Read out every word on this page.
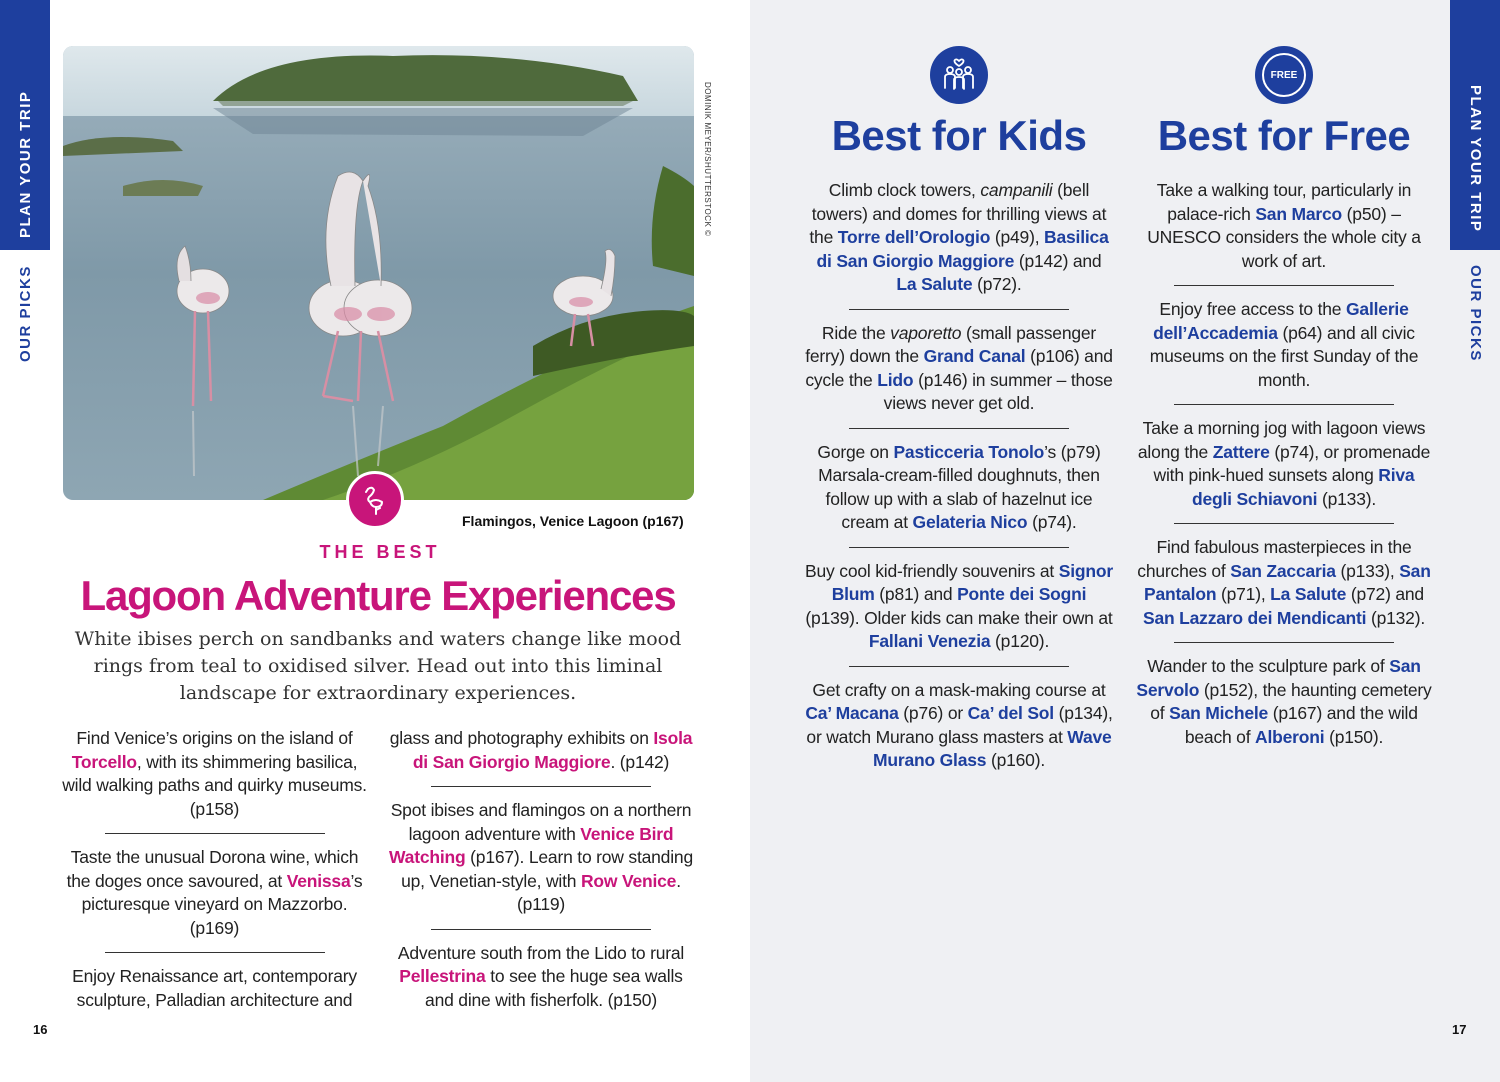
PLAN YOUR TRIP
OUR PICKS
DOMINIK MEYER/SHUTTERSTOCK ©
Flamingos, Venice Lagoon (p167)
THE BEST
Lagoon Adventure Experiences
White ibises perch on sandbanks and waters change like mood rings from teal to oxidised silver. Head out into this liminal landscape for extraordinary experiences.

Find Venice’s origins on the island of Torcello, with its shimmering basilica, wild walking paths and quirky museums. (p158)

Taste the unusual Dorona wine, which the doges once savoured, at Venissa’s picturesque vineyard on Mazzorbo. (p169)

Enjoy Renaissance art, contemporary sculpture, Palladian architecture and

glass and photography exhibits on Isola di San Giorgio Maggiore. (p142)

Spot ibises and flamingos on a northern lagoon adventure with Venice Bird Watching (p167). Learn to row standing up, Venetian-style, with Row Venice. (p119)

Adventure south from the Lido to rural Pellestrina to see the huge sea walls and dine with fisherfolk. (p150)

16
FREE
Best for Kids	Best for Free

Climb clock towers, campanili (bell towers) and domes for thrilling views at the Torre dell’Orologio (p49), Basilica di San Giorgio Maggiore (p142) and La Salute (p72).

Ride the vaporetto (small passenger ferry) down the Grand Canal (p106) and cycle the Lido (p146) in summer – those views never get old.

Gorge on Pasticceria Tonolo’s (p79) Marsala-cream-filled doughnuts, then follow up with a slab of hazelnut ice cream at Gelateria Nico (p74).

Buy cool kid-friendly souvenirs at Signor Blum (p81) and Ponte dei Sogni (p139). Older kids can make their own at Fallani Venezia (p120).

Get crafty on a mask-making course at Ca’ Macana (p76) or Ca’ del Sol (p134), or watch Murano glass masters at Wave Murano Glass (p160).

Take a walking tour, particularly in palace-rich San Marco (p50) – UNESCO considers the whole city a work of art.

Enjoy free access to the Gallerie dell’Accademia (p64) and all civic museums on the first Sunday of the month.

Take a morning jog with lagoon views along the Zattere (p74), or promenade with pink-hued sunsets along Riva degli Schiavoni (p133).

Find fabulous masterpieces in the churches of San Zaccaria (p133), San Pantalon (p71), La Salute (p72) and San Lazzaro dei Mendicanti (p132).

Wander to the sculpture park of San Servolo (p152), the haunting cemetery of San Michele (p167) and the wild beach of Alberoni (p150).

PLAN YOUR TRIP
OUR PICKS
17
